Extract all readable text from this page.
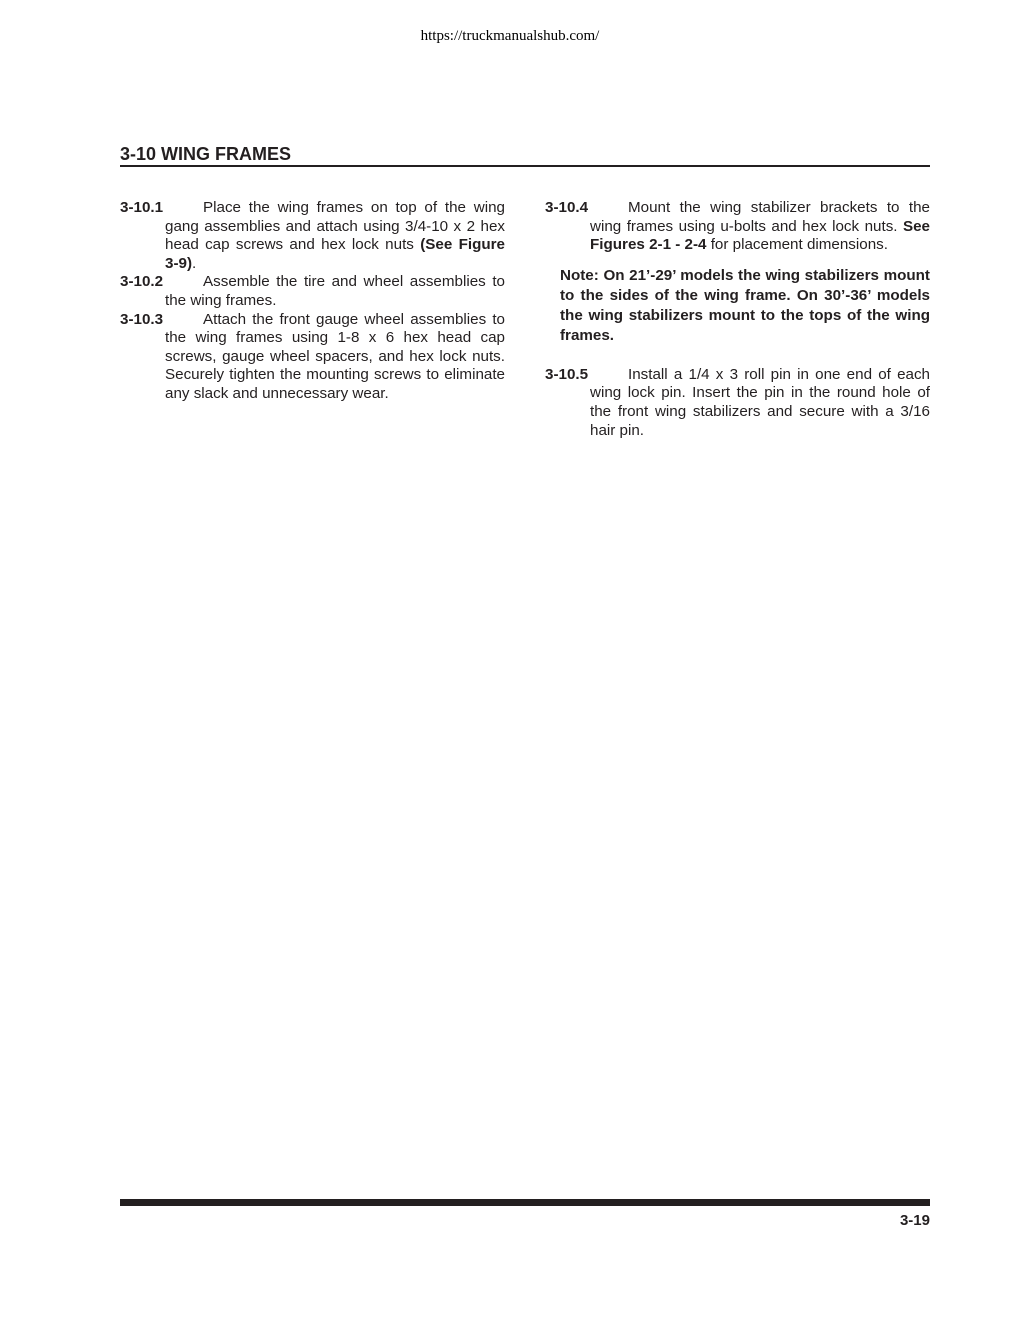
https://truckmanualshub.com/
3-10 WING FRAMES
3-10.1	Place the wing frames on top of the wing gang assemblies and attach using 3/4-10 x 2 hex head cap screws and hex lock nuts (See Figure 3-9).
3-10.2	Assemble the tire and wheel assemblies to the wing frames.
3-10.3	Attach the front gauge wheel assemblies to the wing frames using 1-8 x 6 hex head cap screws, gauge wheel spacers, and hex lock nuts. Securely tighten the mounting screws to eliminate any slack and unnecessary wear.
3-10.4	Mount the wing stabilizer brackets to the wing frames using u-bolts and hex lock nuts. See Figures 2-1 - 2-4 for placement dimensions.
Note: On 21’-29’ models the wing stabilizers mount to the sides of the wing frame. On 30’-36’ models the wing stabilizers mount to the tops of the wing frames.
3-10.5	Install a 1/4 x 3 roll pin in one end of each wing lock pin. Insert the pin in the round hole of the front wing stabilizers and secure with a 3/16 hair pin.
3-19
